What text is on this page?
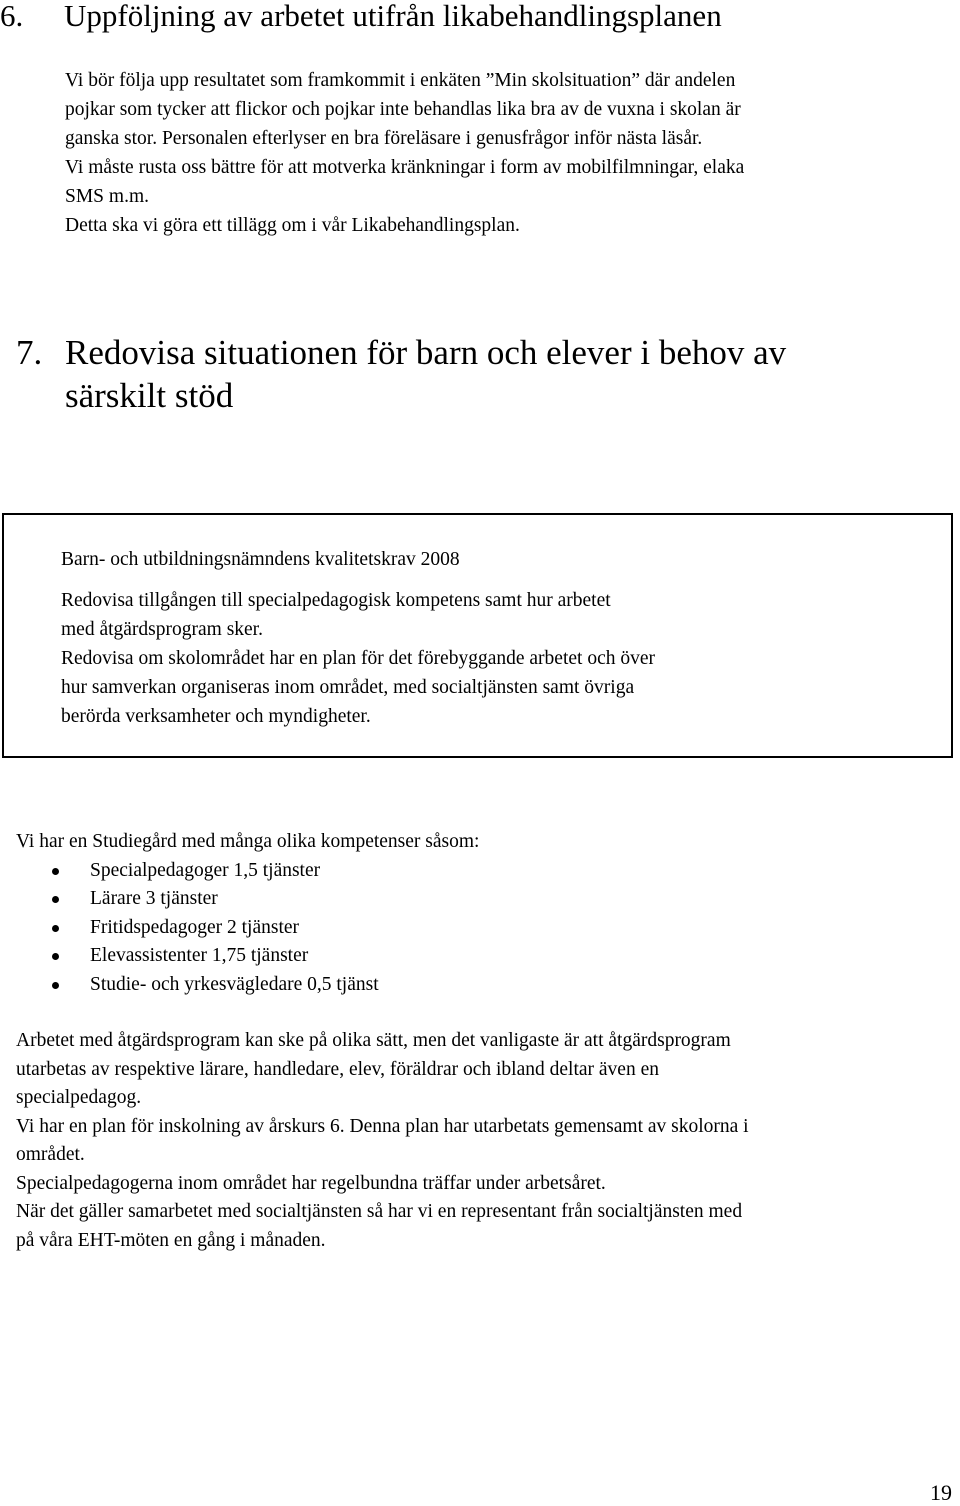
6. Uppföljning av arbetet utifrån likabehandlingsplanen

Vi bör följa upp resultatet som framkommit i enkäten ”Min skolsituation” där andelen

pojkar som tycker att flickor och pojkar inte behandlas lika bra av de vuxna i skolan är

ganska stor. Personalen efterlyser en bra föreläsare i genusfrågor inför nästa läsår.

Vi måste rusta oss bättre för att motverka kränkningar i form av mobilfilmningar, elaka

SMS m.m.

Detta ska vi göra ett tillägg om i vår Likabehandlingsplan.

7. Redovisa situationen för barn och elever i behov av
särskilt stöd

Barn- och utbildningsnämndens kvalitetskrav 2008

Redovisa tillgången till specialpedagogisk kompetens samt hur arbetet

med åtgärdsprogram sker.

Redovisa om skolområdet har en plan för det förebyggande arbetet och över

hur samverkan organiseras inom området, med socialtjänsten samt övriga

berörda verksamheter och myndigheter.

Vi har en Studiegård med många olika kompetenser såsom:

Specialpedagoger 1,5 tjänster
Lärare 3 tjänster
Fritidspedagoger 2 tjänster
Elevassistenter 1,75 tjänster
Studie- och yrkesvägledare 0,5 tjänst

Arbetet med åtgärdsprogram kan ske på olika sätt, men det vanligaste är att åtgärdsprogram

utarbetas av respektive lärare, handledare, elev, föräldrar och ibland deltar även en

specialpedagog.

Vi har en plan för inskolning av årskurs 6. Denna plan har utarbetats gemensamt av skolorna i

området.

Specialpedagogerna inom området har regelbundna träffar under arbetsåret.

När det gäller samarbetet med socialtjänsten så har vi en representant från socialtjänsten med

på våra EHT-möten en gång i månaden.

19
